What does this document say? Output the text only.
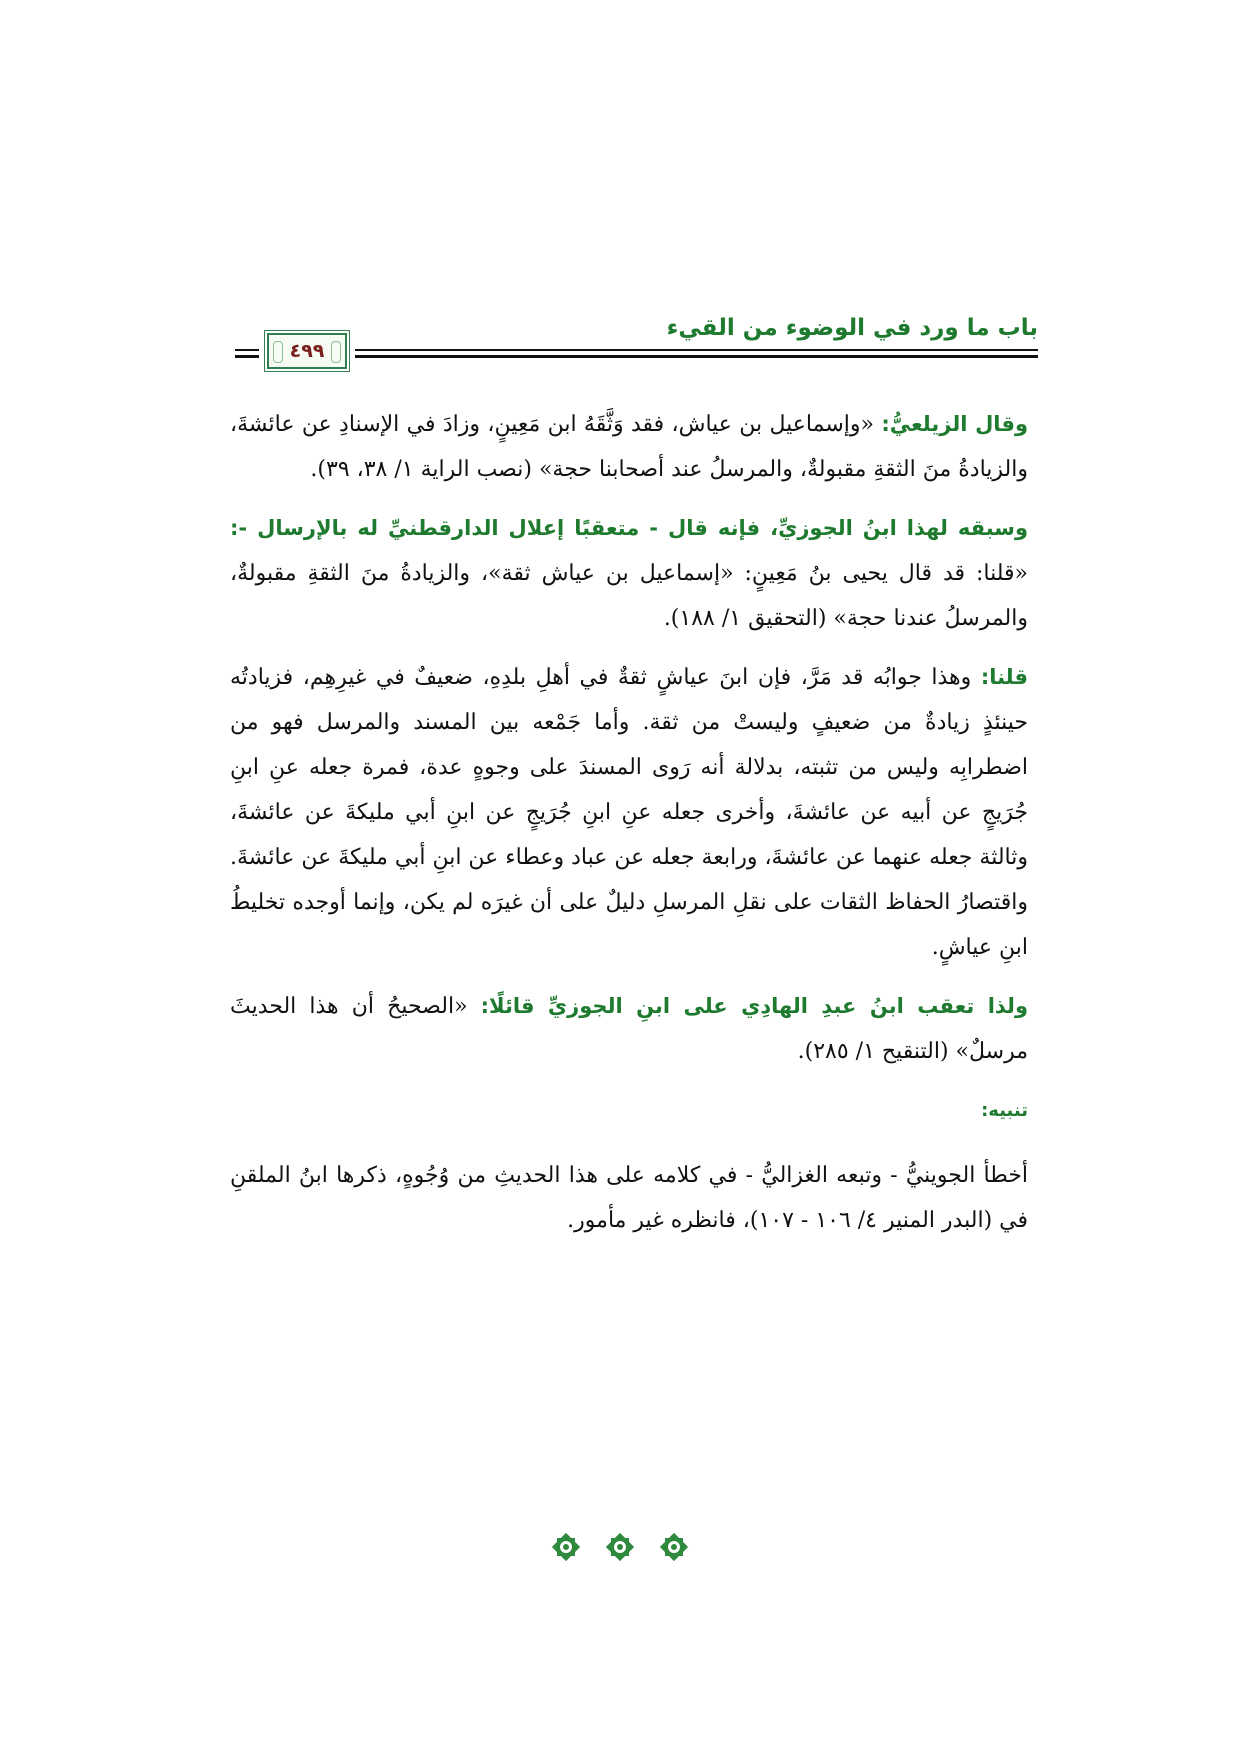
باب ما ورد في الوضوء من القيء
٤٩٩

وقال الزيلعيُّ: «وإسماعيل بن عياش، فقد وَثَّقَهُ ابن مَعِينٍ، وزادَ في الإسنادِ عن عائشةَ، والزيادةُ منَ الثقةِ مقبولةٌ، والمرسلُ عند أصحابنا حجة» (نصب الراية ١/ ٣٨، ٣٩).

وسبقه لهذا ابنُ الجوزيِّ، فإنه قال - متعقبًا إعلال الدارقطنيِّ له بالإرسال -: «قلنا: قد قال يحيى بنُ مَعِينٍ: «إسماعيل بن عياش ثقة»، والزيادةُ منَ الثقةِ مقبولةٌ، والمرسلُ عندنا حجة» (التحقيق ١/ ١٨٨).

قلنا: وهذا جوابُه قد مَرَّ، فإن ابنَ عياشٍ ثقةٌ في أهلِ بلدِهِ، ضعيفٌ في غيرِهِم، فزيادتُه حينئذٍ زيادةٌ من ضعيفٍ وليستْ من ثقة. وأما جَمْعه بين المسند والمرسل فهو من اضطرابِه وليس من تثبته، بدلالة أنه رَوى المسندَ على وجوهٍ عدة، فمرة جعله عنِ ابنِ جُرَيجٍ عن أبيه عن عائشةَ، وأخرى جعله عنِ ابنِ جُرَيجٍ عن ابنِ أبي مليكةَ عن عائشةَ، وثالثة جعله عنهما عن عائشةَ، ورابعة جعله عن عباد وعطاء عن ابنِ أبي مليكةَ عن عائشةَ. واقتصارُ الحفاظ الثقات على نقلِ المرسلِ دليلٌ على أن غيرَه لم يكن، وإنما أوجده تخليطُ ابنِ عياشٍ.

ولذا تعقب ابنُ عبدِ الهادِي على ابنِ الجوزيِّ قائلًا: «الصحيحُ أن هذا الحديثَ مرسلٌ» (التنقيح ١/ ٢٨٥).

تنبيه:

أخطأ الجوينيُّ - وتبعه الغزاليُّ - في كلامه على هذا الحديثِ من وُجُوهٍ، ذكرها ابنُ الملقنِ في (البدر المنير ٤/ ١٠٦ - ١٠٧)، فانظره غير مأمور.
